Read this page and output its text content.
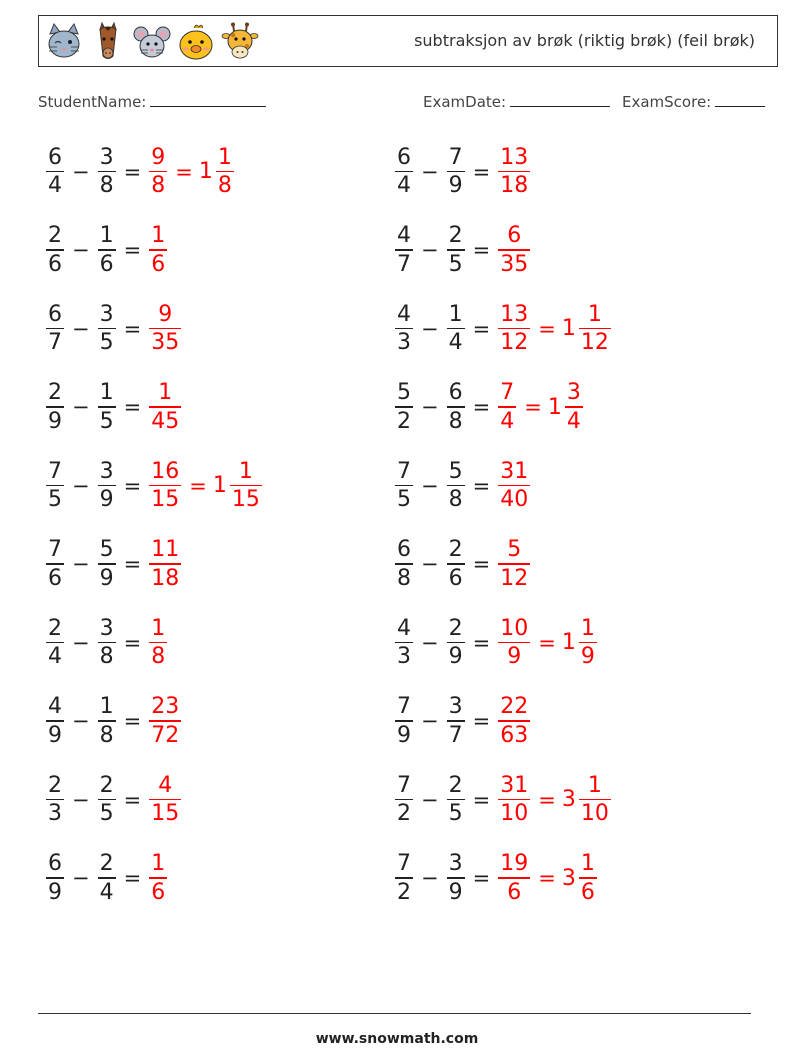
subtraksjon av brøk (riktig brøk) (feil brøk)
StudentName:	ExamDate:	ExamScore:
$\frac{6}{4} - \frac{3}{8} = \frac{9}{8} = 1 \frac{1}{8}$	$\frac{6}{4} - \frac{7}{9} = \frac{13}{18}$
$\frac{2}{6} - \frac{1}{6} = \frac{1}{6}$	$\frac{4}{7} - \frac{2}{5} = \frac{6}{35}$
$\frac{6}{7} - \frac{3}{5} = \frac{9}{35}$	$\frac{4}{3} - \frac{1}{4} = \frac{13}{12} = 1 \frac{1}{12}$
$\frac{2}{9} - \frac{1}{5} = \frac{1}{45}$	$\frac{5}{2} - \frac{6}{8} = \frac{7}{4} = 1 \frac{3}{4}$
$\frac{7}{5} - \frac{3}{9} = \frac{16}{15} = 1 \frac{1}{15}$	$\frac{7}{5} - \frac{5}{8} = \frac{31}{40}$
$\frac{7}{6} - \frac{5}{9} = \frac{11}{18}$	$\frac{6}{8} - \frac{2}{6} = \frac{5}{12}$
$\frac{2}{4} - \frac{3}{8} = \frac{1}{8}$	$\frac{4}{3} - \frac{2}{9} = \frac{10}{9} = 1 \frac{1}{9}$
$\frac{4}{9} - \frac{1}{8} = \frac{23}{72}$	$\frac{7}{9} - \frac{3}{7} = \frac{22}{63}$
$\frac{2}{3} - \frac{2}{5} = \frac{4}{15}$	$\frac{7}{2} - \frac{2}{5} = \frac{31}{10} = 3 \frac{1}{10}$
$\frac{6}{9} - \frac{2}{4} = \frac{1}{6}$	$\frac{7}{2} - \frac{3}{9} = \frac{19}{6} = 3 \frac{1}{6}$
www.snowmath.com
